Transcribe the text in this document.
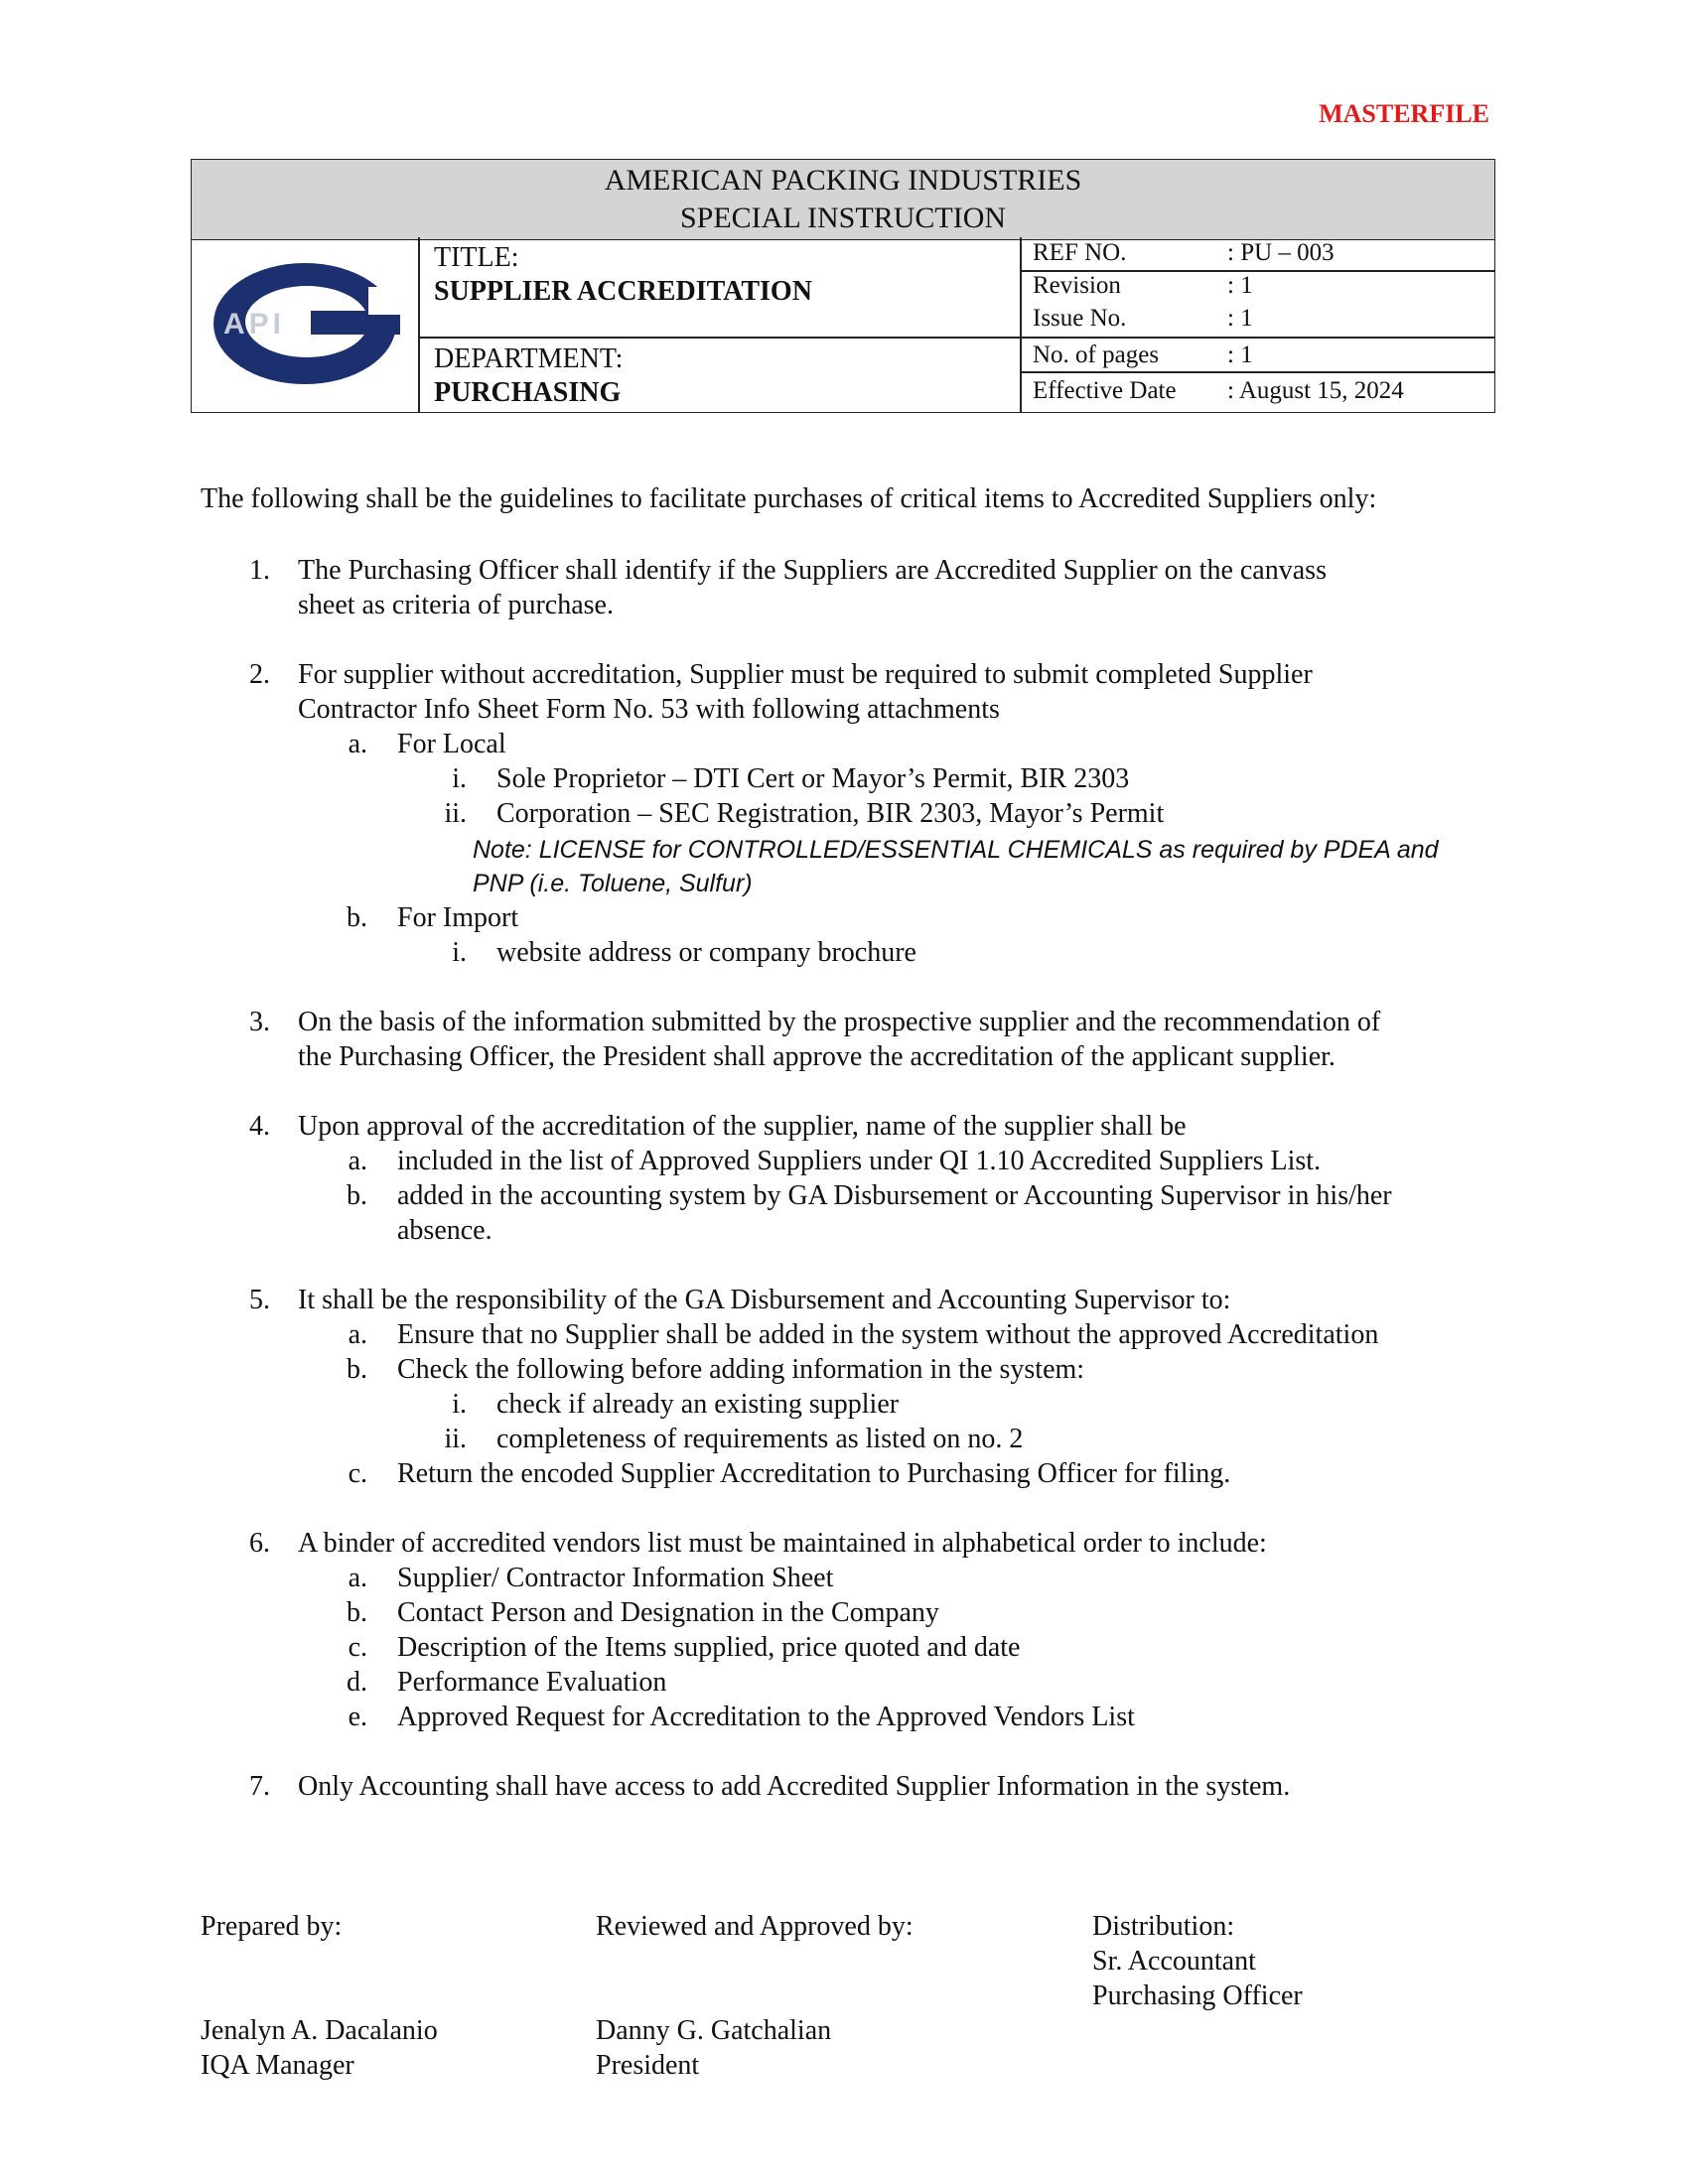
MASTERFILE
AMERICAN PACKING INDUSTRIES
SPECIAL INSTRUCTION
API
TITLE:
SUPPLIER ACCREDITATION
DEPARTMENT:
PURCHASING
REF NO.	: PU – 003
Revision	: 1
Issue No.	: 1
No. of pages	: 1
Effective Date : August 15, 2024
The following shall be the guidelines to facilitate purchases of critical items to Accredited Suppliers only:
1. The Purchasing Officer shall identify if the Suppliers are Accredited Supplier on the canvass
sheet as criteria of purchase.
2. For supplier without accreditation, Supplier must be required to submit completed Supplier
Contractor Info Sheet Form No. 53 with following attachments
a. For Local
i. Sole Proprietor – DTI Cert or Mayor’s Permit, BIR 2303
ii. Corporation – SEC Registration, BIR 2303, Mayor’s Permit
Note: LICENSE for CONTROLLED/ESSENTIAL CHEMICALS as required by PDEA and
PNP (i.e. Toluene, Sulfur)
b. For Import
i. website address or company brochure
3. On the basis of the information submitted by the prospective supplier and the recommendation of
the Purchasing Officer, the President shall approve the accreditation of the applicant supplier.
4. Upon approval of the accreditation of the supplier, name of the supplier shall be
a. included in the list of Approved Suppliers under QI 1.10 Accredited Suppliers List.
b. added in the accounting system by GA Disbursement or Accounting Supervisor in his/her
absence.
5. It shall be the responsibility of the GA Disbursement and Accounting Supervisor to:
a. Ensure that no Supplier shall be added in the system without the approved Accreditation
b. Check the following before adding information in the system:
i. check if already an existing supplier
ii. completeness of requirements as listed on no. 2
c. Return the encoded Supplier Accreditation to Purchasing Officer for filing.
6. A binder of accredited vendors list must be maintained in alphabetical order to include:
a. Supplier/ Contractor Information Sheet
b. Contact Person and Designation in the Company
c. Description of the Items supplied, price quoted and date
d. Performance Evaluation
e. Approved Request for Accreditation to the Approved Vendors List
7. Only Accounting shall have access to add Accredited Supplier Information in the system.
Prepared by:
Jenalyn A. Dacalanio
IQA Manager
Reviewed and Approved by:
Danny G. Gatchalian
President
Distribution:
Sr. Accountant
Purchasing Officer
